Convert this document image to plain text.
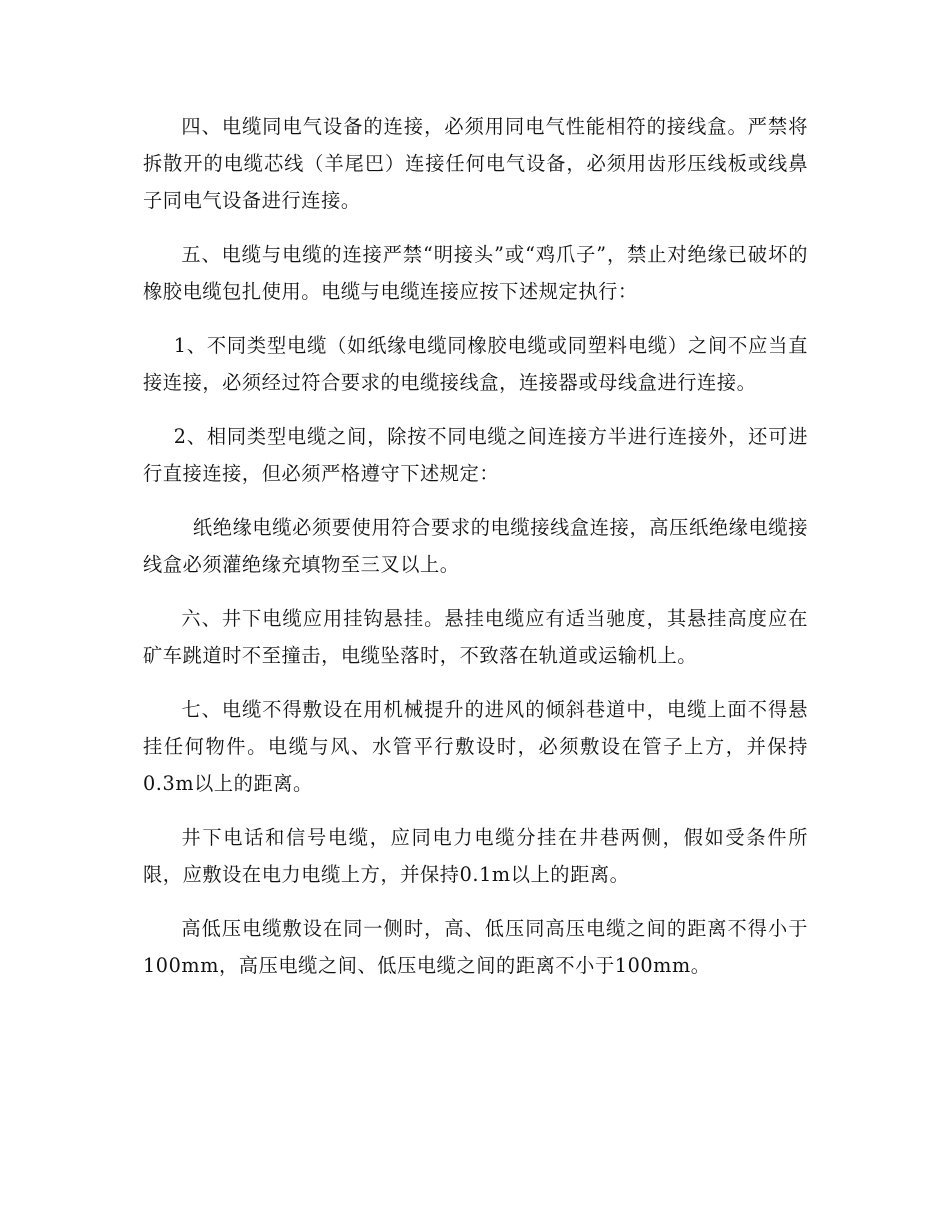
四、电缆同电气设备的连接，必须用同电气性能相符的接线盒。严禁将拆散开的电缆芯线（羊尾巴）连接任何电气设备，必须用齿形压线板或线鼻子同电气设备进行连接。

五、电缆与电缆的连接严禁“明接头”或“鸡爪子”，禁止对绝缘已破坏的橡胶电缆包扎使用。电缆与电缆连接应按下述规定执行：

1、不同类型电缆（如纸缘电缆同橡胶电缆或同塑料电缆）之间不应当直接连接，必须经过符合要求的电缆接线盒，连接器或母线盒进行连接。

2、相同类型电缆之间，除按不同电缆之间连接方半进行连接外，还可进行直接连接，但必须严格遵守下述规定：

纸绝缘电缆必须要使用符合要求的电缆接线盒连接，高压纸绝缘电缆接线盒必须灌绝缘充填物至三叉以上。

六、井下电缆应用挂钩悬挂。悬挂电缆应有适当驰度，其悬挂高度应在矿车跳道时不至撞击，电缆坠落时，不致落在轨道或运输机上。

七、电缆不得敷设在用机械提升的进风的倾斜巷道中，电缆上面不得悬挂任何物件。电缆与风、水管平行敷设时，必须敷设在管子上方，并保持0.3m以上的距离。

井下电话和信号电缆，应同电力电缆分挂在井巷两侧，假如受条件所限，应敷设在电力电缆上方，并保持0.1m以上的距离。

高低压电缆敷设在同一侧时，高、低压同高压电缆之间的距离不得小于100mm，高压电缆之间、低压电缆之间的距离不小于100mm。
